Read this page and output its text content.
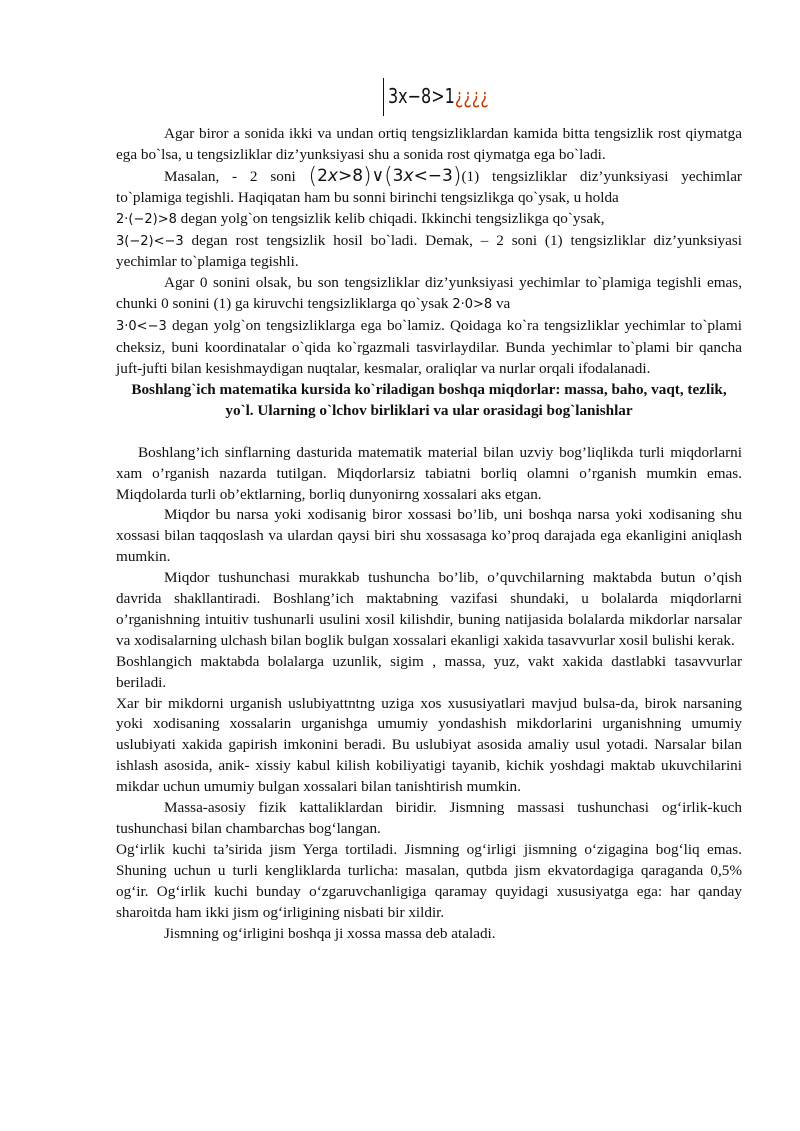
3x−8>1¿¿¿¿

Agar biror a sonida ikki va undan ortiq tengsizliklardan kamida bitta tengsizlik rost qiymatga ega bo`lsa, u tengsizliklar diz’yunksiyasi shu a sonida rost qiymatga ega bo`ladi.

Masalan, - 2 soni (2x>8)∨(3x<−3)(1) tengsizliklar diz’yunksiyasi yechimlar to`plamiga tegishli. Haqiqatan ham bu sonni birinchi tengsizlikga qo`ysak, u holda
2·(−2)>8 degan yolg`on tengsizlik kelib chiqadi. Ikkinchi tengsizlikga qo`ysak,
3(−2)<−3 degan rost tengsizlik hosil bo`ladi. Demak, – 2 soni (1) tengsizliklar diz’yunksiyasi yechimlar to`plamiga tegishli.

Agar 0 sonini olsak, bu son tengsizliklar diz’yunksiyasi yechimlar to`plamiga tegishli emas, chunki 0 sonini (1) ga kiruvchi tengsizliklarga qo`ysak 2·0>8 va
3·0<−3 degan yolg`on tengsizliklarga ega bo`lamiz. Qoidaga ko`ra tengsizliklar yechimlar to`plami cheksiz, buni koordinatalar o`qida ko`rgazmali tasvirlaydilar. Bunda yechimlar to`plami bir qancha juft-jufti bilan kesishmaydigan nuqtalar, kesmalar, oraliqlar va nurlar orqali ifodalanadi.

Boshlang`ich matematika kursida ko`riladigan boshqa miqdorlar: massa, baho, vaqt, tezlik, yo`l. Ularning o`lchov birliklari va ular orasidagi bog`lanishlar

Boshlang’ich sinflarning dasturida matematik material bilan uzviy bog’liqlikda turli miqdorlarni xam o’rganish nazarda tutilgan. Miqdorlarsiz tabiatni borliq olamni o’rganish mumkin emas. Miqdolarda turli ob’ektlarning, borliq dunyonirng xossalari aks etgan.

Miqdor bu narsa yoki xodisanig biror xossasi bo’lib, uni boshqa narsa yoki xodisaning shu xossasi bilan taqqoslash va ulardan qaysi biri shu xossasaga ko’proq darajada ega ekanligini aniqlash mumkin.

Miqdor tushunchasi murakkab tushuncha bo’lib, o’quvchilarning maktabda butun o’qish davrida shakllantiradi. Boshlang’ich maktabning vazifasi shundaki, u bolalarda miqdorlarni o’rganishning intuitiv tushunarli usulini xosil kilishdir, buning natijasida bolalarda mikdorlar narsalar va xodisalarning ulchash bilan boglik bulgan xossalari ekanligi xakida tasavvurlar xosil bulishi kerak.

Boshlangich maktabda bolalarga uzunlik, sigim , massa, yuz, vakt xakida dastlabki tasavvurlar beriladi.

Xar bir mikdorni urganish uslubiyattntng uziga xos xususiyatlari mavjud bulsa-da, birok narsaning yoki xodisaning xossalarin urganishga umumiy yondashish mikdorlarini urganishning umumiy uslubiyati xakida gapirish imkonini beradi. Bu uslubiyat asosida amaliy usul yotadi. Narsalar bilan ishlash asosida, anik- xissiy kabul kilish kobiliyatigi tayanib, kichik yoshdagi maktab ukuvchilarini mikdar uchun umumiy bulgan xossalari bilan tanishtirish mumkin.

Massa-asosiy fizik kattaliklardan biridir. Jismning massasi tushunchasi og‘irlik-kuch tushunchasi bilan chambarchas bog‘langan.

Og‘irlik kuchi ta’sirida jism Yerga tortiladi. Jismning og‘irligi jismning o‘zigagina bog‘liq emas. Shuning uchun u turli kengliklarda turlicha: masalan, qutbda jism ekvatordagiga qaraganda 0,5% og‘ir. Og‘irlik kuchi bunday o‘zgaruvchanligiga qaramay quyidagi xususiyatga ega: har qanday sharoitda ham ikki jism og‘irligining nisbati bir xildir.

Jismning og‘irligini boshqa ji xossa massa deb ataladi.
